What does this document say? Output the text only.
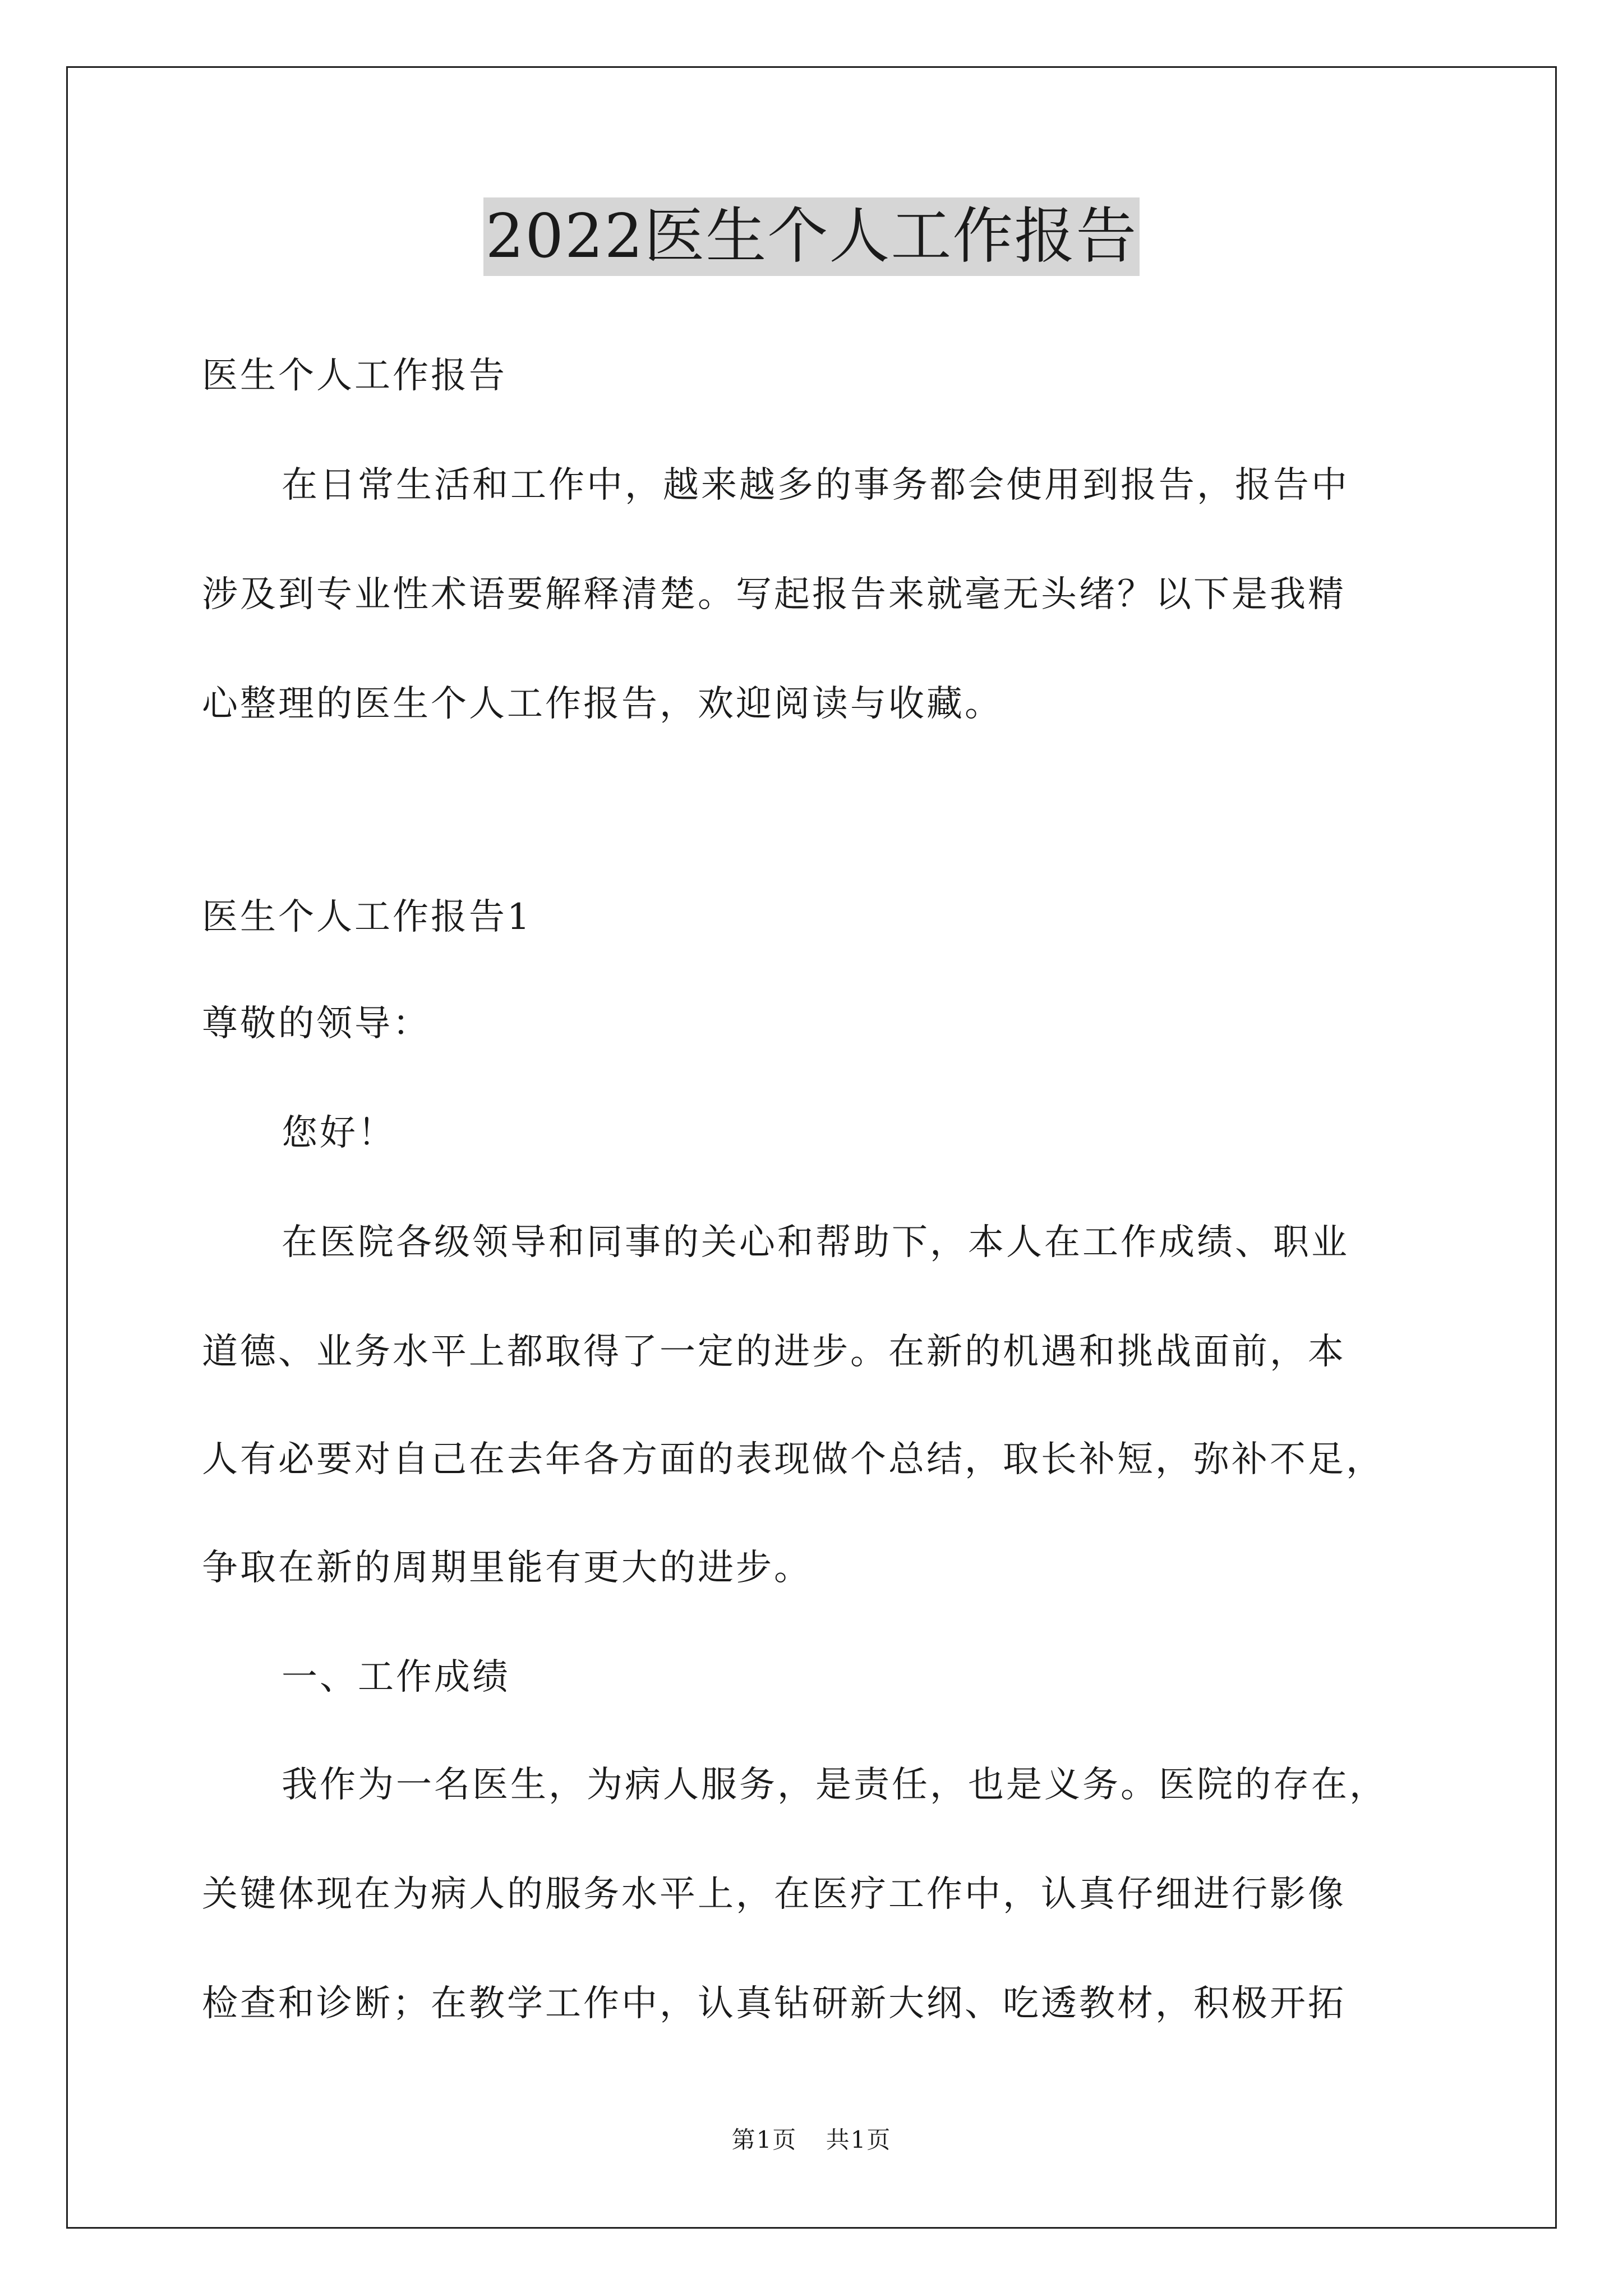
2022医生个人工作报告
医生个人工作报告
在日常生活和工作中，越来越多的事务都会使用到报告，报告中
涉及到专业性术语要解释清楚。写起报告来就毫无头绪？以下是我精
心整理的医生个人工作报告，欢迎阅读与收藏。
医生个人工作报告1
尊敬的领导：
您好！
在医院各级领导和同事的关心和帮助下，本人在工作成绩、职业
道德、业务水平上都取得了一定的进步。在新的机遇和挑战面前，本
人有必要对自己在去年各方面的表现做个总结，取长补短，弥补不足，
争取在新的周期里能有更大的进步。
一、工作成绩
我作为一名医生，为病人服务，是责任，也是义务。医院的存在，
关键体现在为病人的服务水平上，在医疗工作中，认真仔细进行影像
检查和诊断；在教学工作中，认真钻研新大纲、吃透教材，积极开拓
第1页 共1页
